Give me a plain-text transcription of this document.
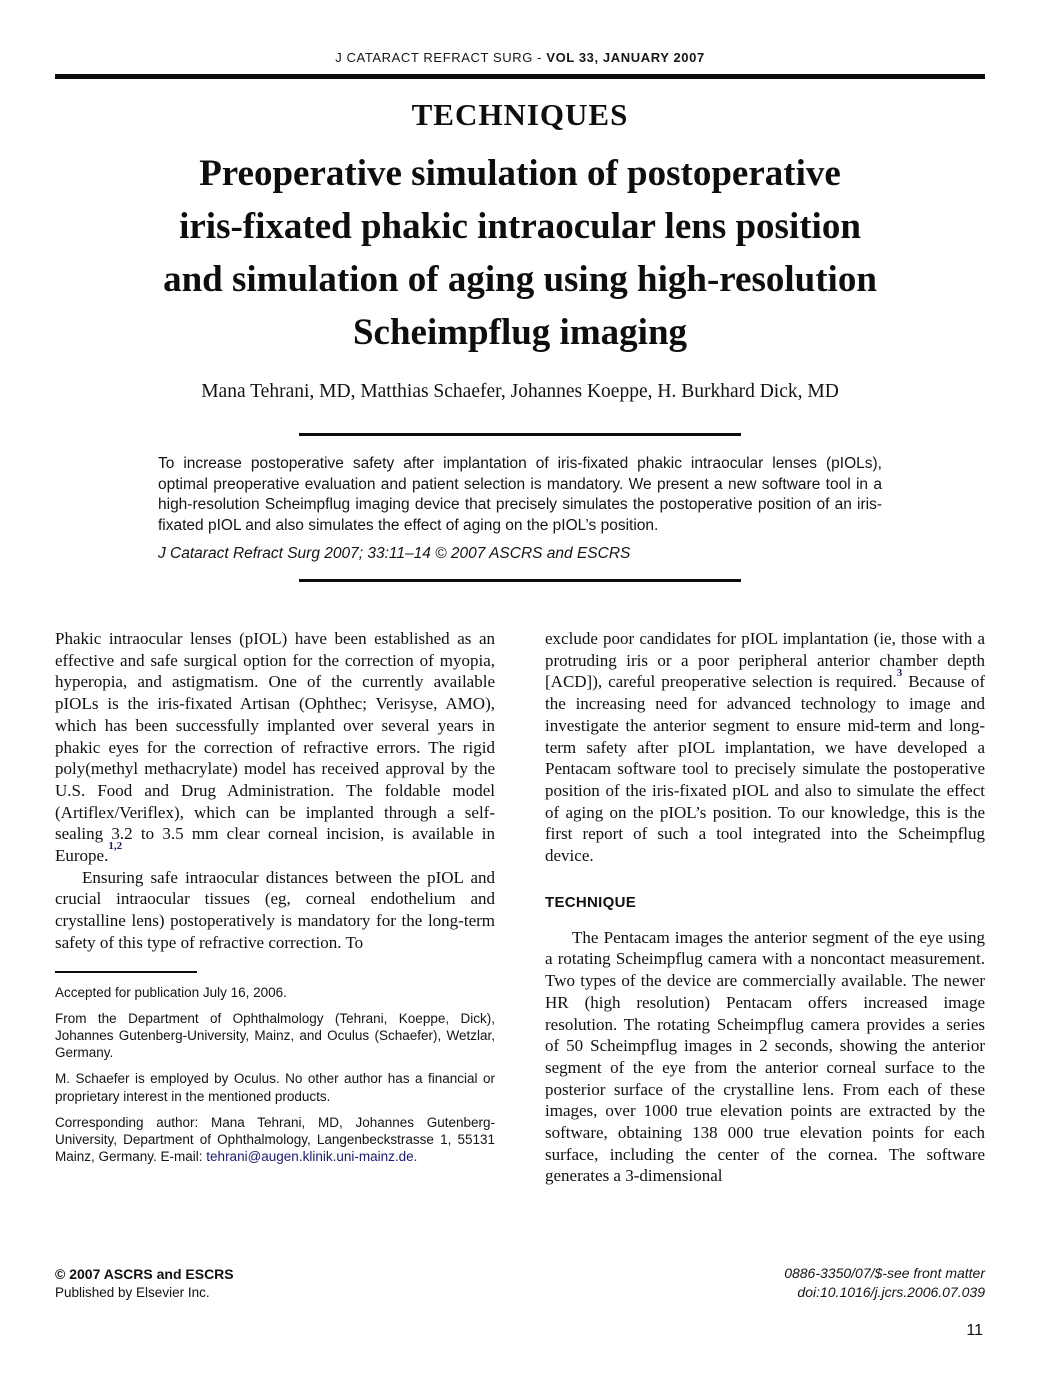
J CATARACT REFRACT SURG - VOL 33, JANUARY 2007
TECHNIQUES
Preoperative simulation of postoperative
iris-fixated phakic intraocular lens position
and simulation of aging using high-resolution
Scheimpflug imaging
Mana Tehrani, MD, Matthias Schaefer, Johannes Koeppe, H. Burkhard Dick, MD
To increase postoperative safety after implantation of iris-fixated phakic intraocular lenses (pIOLs), optimal preoperative evaluation and patient selection is mandatory. We present a new software tool in a high-resolution Scheimpflug imaging device that precisely simulates the postoperative position of an iris-fixated pIOL and also simulates the effect of aging on the pIOL’s position.
J Cataract Refract Surg 2007; 33:11–14 © 2007 ASCRS and ESCRS

Phakic intraocular lenses (pIOL) have been established as an effective and safe surgical option for the correction of myopia, hyperopia, and astigmatism. One of the currently available pIOLs is the iris-fixated Artisan (Ophthec; Verisyse, AMO), which has been successfully implanted over several years in phakic eyes for the correction of refractive errors. The rigid poly(methyl methacrylate) model has received approval by the U.S. Food and Drug Administration. The foldable model (Artiflex/Veriflex), which can be implanted through a self-sealing 3.2 to 3.5 mm clear corneal incision, is available in Europe.$^{1,2}$

Ensuring safe intraocular distances between the pIOL and crucial intraocular tissues (eg, corneal endothelium and crystalline lens) postoperatively is mandatory for the long-term safety of this type of refractive correction. To

Accepted for publication July 16, 2006.

From the Department of Ophthalmology (Tehrani, Koeppe, Dick), Johannes Gutenberg-University, Mainz, and Oculus (Schaefer), Wetzlar, Germany.

M. Schaefer is employed by Oculus. No other author has a financial or proprietary interest in the mentioned products.

Corresponding author: Mana Tehrani, MD, Johannes Gutenberg-University, Department of Ophthalmology, Langenbeckstrasse 1, 55131 Mainz, Germany. E-mail: tehrani@augen.klinik.uni-mainz.de.

exclude poor candidates for pIOL implantation (ie, those with a protruding iris or a poor peripheral anterior chamber depth [ACD]), careful preoperative selection is required.$^3$ Because of the increasing need for advanced technology to image and investigate the anterior segment to ensure mid-term and long-term safety after pIOL implantation, we have developed a Pentacam software tool to precisely simulate the postoperative position of the iris-fixated pIOL and also to simulate the effect of aging on the pIOL’s position. To our knowledge, this is the first report of such a tool integrated into the Scheimpflug device.

TECHNIQUE

The Pentacam images the anterior segment of the eye using a rotating Scheimpflug camera with a noncontact measurement. Two types of the device are commercially available. The newer HR (high resolution) Pentacam offers increased image resolution. The rotating Scheimpflug camera provides a series of 50 Scheimpflug images in 2 seconds, showing the anterior segment of the eye from the anterior corneal surface to the posterior surface of the crystalline lens. From each of these images, over 1000 true elevation points are extracted by the software, obtaining 138 000 true elevation points for each surface, including the center of the cornea. The software generates a 3-dimensional

© 2007 ASCRS and ESCRS
Published by Elsevier Inc.
0886-3350/07/$-see front matter
doi:10.1016/j.jcrs.2006.07.039
11
